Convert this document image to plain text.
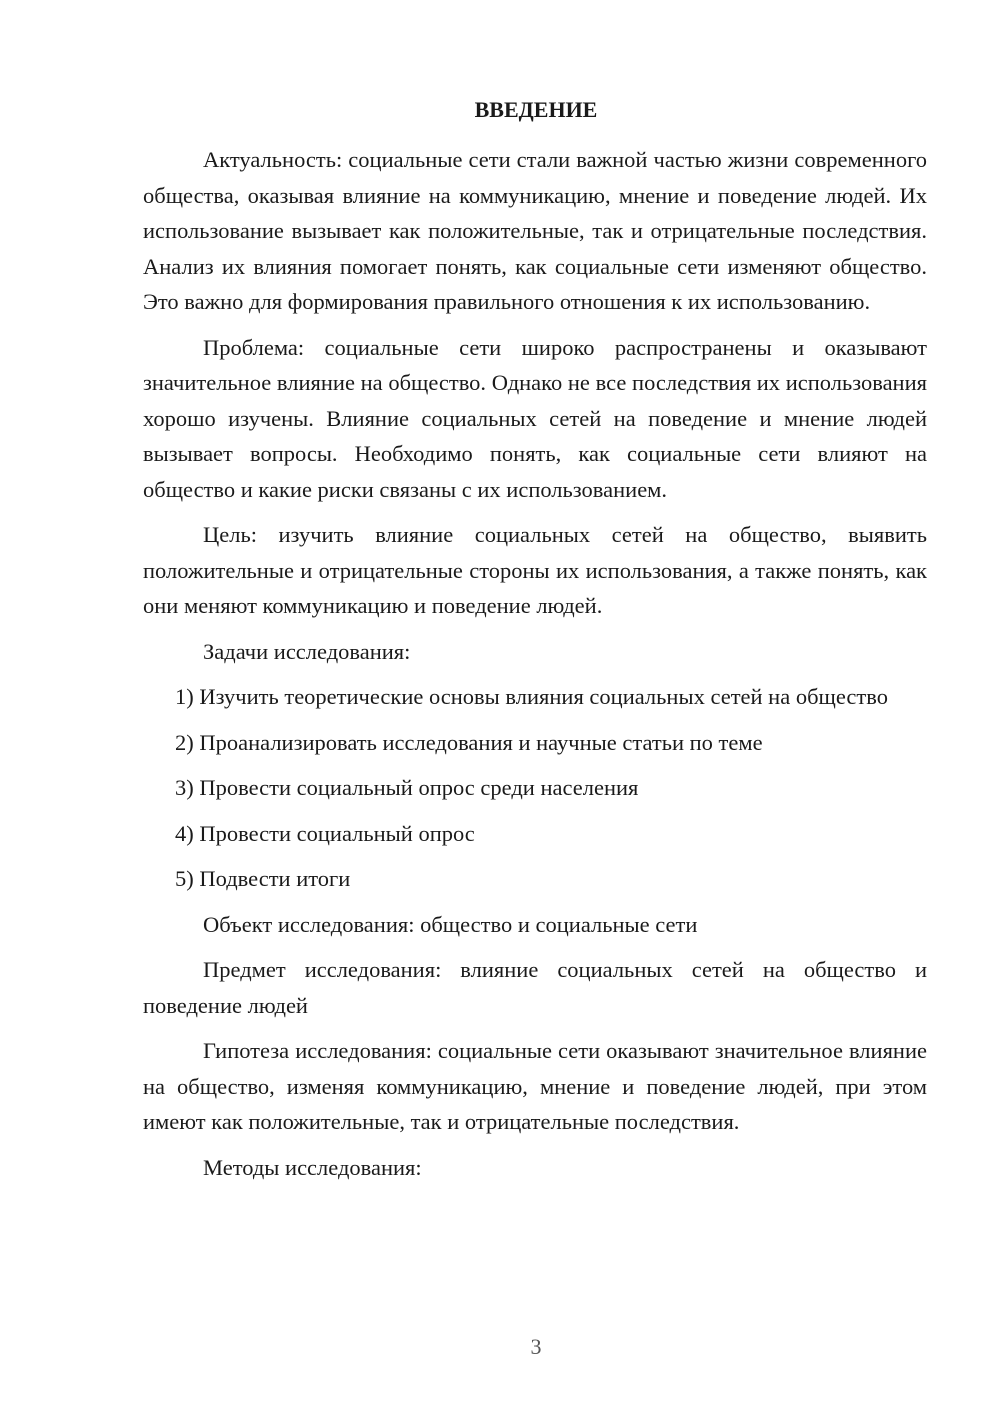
ВВЕДЕНИЕ

Актуальность: социальные сети стали важной частью жизни современного общества, оказывая влияние на коммуникацию, мнение и поведение людей. Их использование вызывает как положительные, так и отрицательные последствия. Анализ их влияния помогает понять, как социальные сети изменяют общество. Это важно для формирования правильного отношения к их использованию.

Проблема: социальные сети широко распространены и оказывают значительное влияние на общество. Однако не все последствия их использования хорошо изучены. Влияние социальных сетей на поведение и мнение людей вызывает вопросы. Необходимо понять, как социальные сети влияют на общество и какие риски связаны с их использованием.

Цель: изучить влияние социальных сетей на общество, выявить положительные и отрицательные стороны их использования, а также понять, как они меняют коммуникацию и поведение людей.

Задачи исследования:

1) Изучить теоретические основы влияния социальных сетей на общество

2) Проанализировать исследования и научные статьи по теме

3) Провести социальный опрос среди населения

4) Провести социальный опрос

5) Подвести итоги

Объект исследования: общество и социальные сети

Предмет исследования: влияние социальных сетей на общество и поведение людей

Гипотеза исследования: социальные сети оказывают значительное влияние на общество, изменяя коммуникацию, мнение и поведение людей, при этом имеют как положительные, так и отрицательные последствия.

Методы исследования:

3
